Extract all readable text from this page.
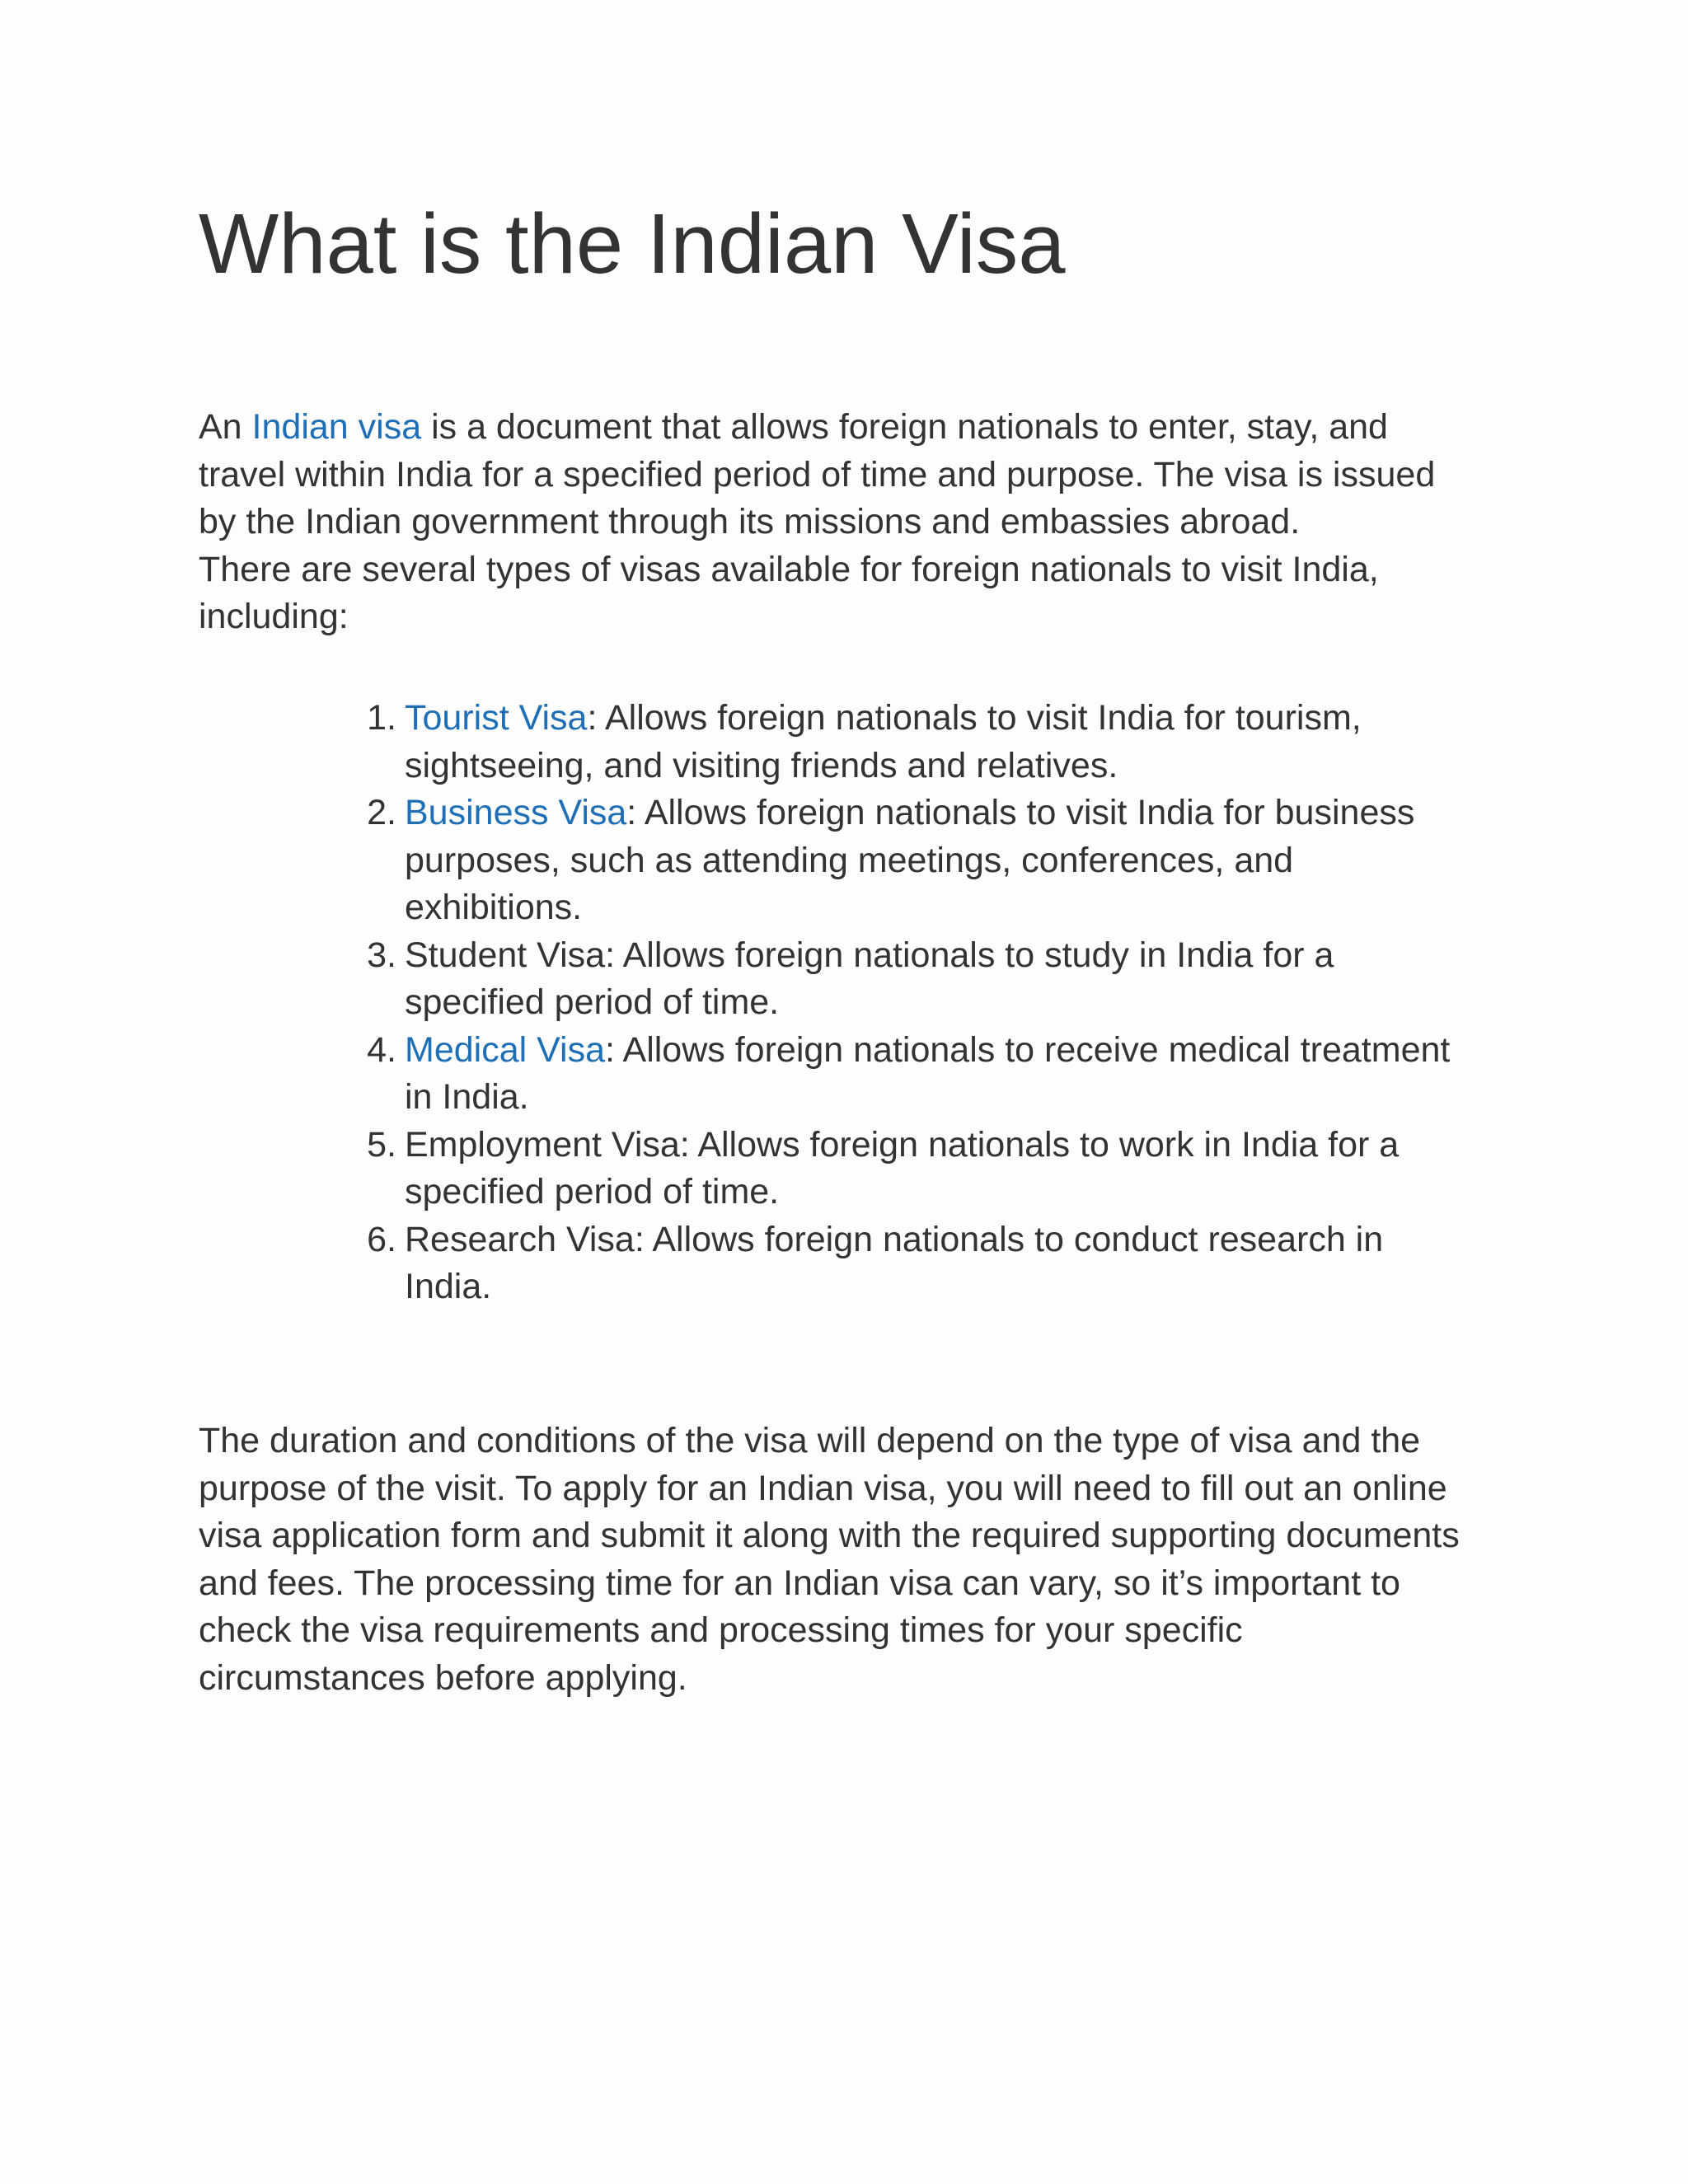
What is the Indian Visa

An Indian visa is a document that allows foreign nationals to enter, stay, and
travel within India for a specified period of time and purpose. The visa is issued
by the Indian government through its missions and embassies abroad.
There are several types of visas available for foreign nationals to visit India,
including:

1. Tourist Visa: Allows foreign nationals to visit India for tourism,
sightseeing, and visiting friends and relatives.
2. Business Visa: Allows foreign nationals to visit India for business
purposes, such as attending meetings, conferences, and
exhibitions.
3. Student Visa: Allows foreign nationals to study in India for a
specified period of time.
4. Medical Visa: Allows foreign nationals to receive medical treatment
in India.
5. Employment Visa: Allows foreign nationals to work in India for a
specified period of time.
6. Research Visa: Allows foreign nationals to conduct research in
India.

The duration and conditions of the visa will depend on the type of visa and the
purpose of the visit. To apply for an Indian visa, you will need to fill out an online
visa application form and submit it along with the required supporting documents
and fees. The processing time for an Indian visa can vary, so it’s important to
check the visa requirements and processing times for your specific
circumstances before applying.
